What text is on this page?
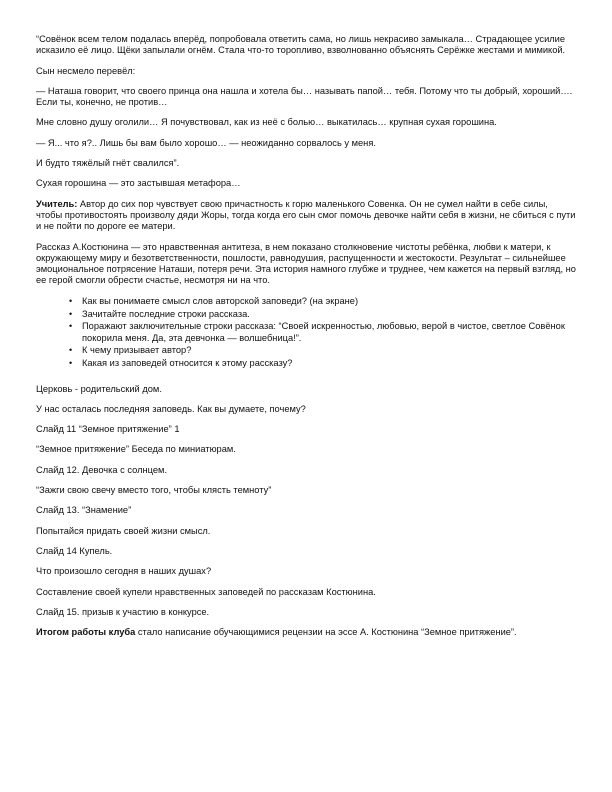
“Совёнок всем телом подалась вперёд, попробовала ответить сама, но лишь некрасиво замыкала… Страдающее усилие исказило её лицо. Щёки запылали огнём. Стала что-то торопливо, взволнованно объяснять Серёжке жестами и мимикой.

Сын несмело перевёл:

— Наташа говорит, что своего принца она нашла и хотела бы… называть папой… тебя. Потому что ты добрый, хороший…. Если ты, конечно, не против…

Мне словно душу оголили… Я почувствовал, как из неё с болью… выкатилась… крупная сухая горошина.

— Я... что я?.. Лишь бы вам было хорошо… — неожиданно сорвалось у меня.

И будто тяжёлый гнёт свалился”.

Сухая горошина — это застывшая метафора…

Учитель: Автор до сих пор чувствует свою причастность к горю маленького Совенка. Он не сумел найти в себе силы, чтобы противостоять произволу дяди Жоры, тогда когда его сын смог помочь девочке найти себя в жизни, не сбиться с пути и не пойти по дороге ее матери.

Рассказ А.Костюнина — это нравственная антитеза, в нем показано столкновение чистоты ребёнка, любви к матери, к окружающему миру и безответственности, пошлости, равнодушия, распущенности и жестокости. Результат – сильнейшее эмоциональное потрясение Наташи, потеря речи. Эта история намного глубже и труднее, чем кажется на первый взгляд, но ее герой смогли обрести счастье, несмотря ни на что.

• Как вы понимаете смысл слов авторской заповеди? (на экране)
• Зачитайте последние строки рассказа.
• Поражают заключительные строки рассказа: “Своей искренностью, любовью, верой в чистое, светлое Совёнок покорила меня. Да, эта девчонка — волшебница!”.
• К чему призывает автор?
• Какая из заповедей относится к этому рассказу?

Церковь - родительский дом.

У нас осталась последняя заповедь. Как вы думаете, почему?

Слайд 11 “Земное притяжение” 1

“Земное притяжение” Беседа по миниатюрам.

Слайд 12. Девочка с солнцем.

“Зажги свою свечу вместо того, чтобы клясть темноту”

Слайд 13. “Знамение”

Попытайся придать своей жизни смысл.

Слайд 14 Купель.

Что произошло сегодня в наших душах?

Составление своей купели нравственных заповедей по рассказам Костюнина.

Слайд 15. призыв к участию в конкурсе.

Итогом работы клуба стало написание обучающимися рецензии на эссе А. Костюнина “Земное притяжение”.
